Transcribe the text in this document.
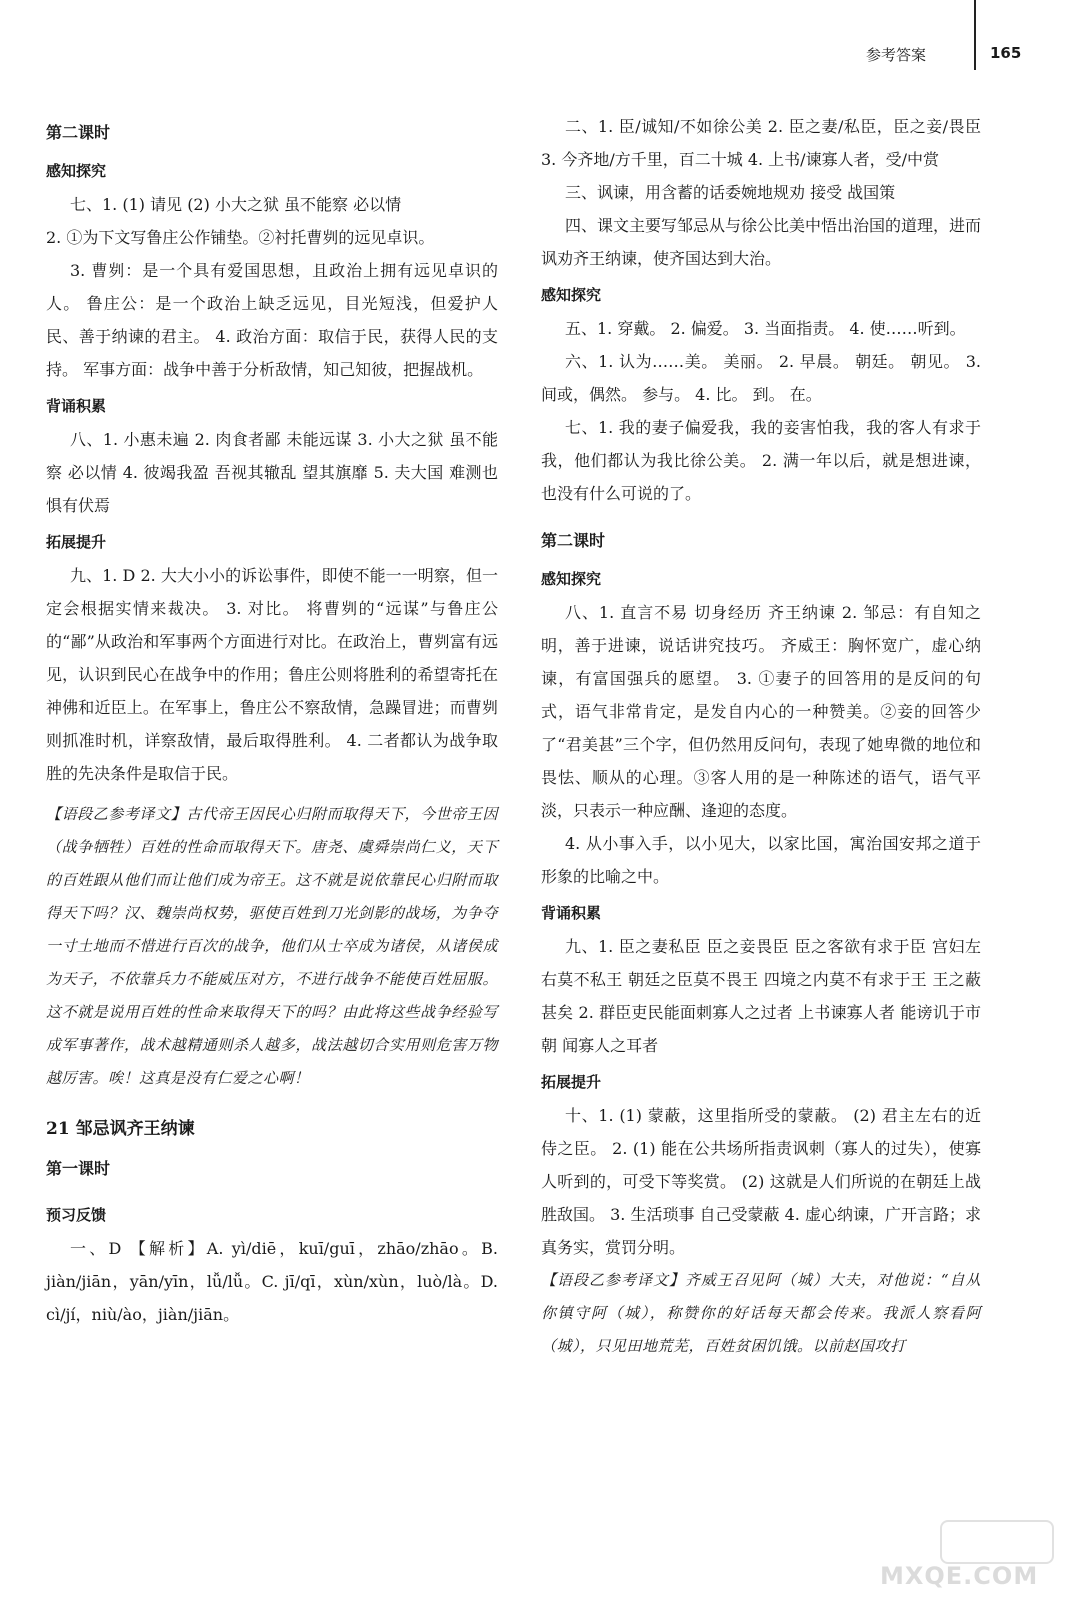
参考答案	165

第二课时

感知探究

七、1. (1) 请见 (2) 小大之狱 虽不能察 必以情

2. ①为下文写鲁庄公作铺垫。②衬托曹刿的远见卓识。

3. 曹刿：是一个具有爱国思想，且政治上拥有远见卓识的人。 鲁庄公：是一个政治上缺乏远见，目光短浅，但爱护人民、善于纳谏的君主。 4. 政治方面：取信于民，获得人民的支持。 军事方面：战争中善于分析敌情，知己知彼，把握战机。

背诵积累

八、1. 小惠未遍 2. 肉食者鄙 未能远谋 3. 小大之狱 虽不能察 必以情 4. 彼竭我盈 吾视其辙乱 望其旗靡 5. 夫大国 难测也 惧有伏焉

拓展提升

九、1. D 2. 大大小小的诉讼事件，即使不能一一明察，但一定会根据实情来裁决。 3. 对比。 将曹刿的“远谋”与鲁庄公的“鄙”从政治和军事两个方面进行对比。在政治上，曹刿富有远见，认识到民心在战争中的作用；鲁庄公则将胜利的希望寄托在神佛和近臣上。在军事上，鲁庄公不察敌情，急躁冒进；而曹刿则抓准时机，详察敌情，最后取得胜利。 4. 二者都认为战争取胜的先决条件是取信于民。

【语段乙参考译文】古代帝王因民心归附而取得天下，今世帝王因（战争牺牲）百姓的性命而取得天下。唐尧、虞舜崇尚仁义，天下的百姓跟从他们而让他们成为帝王。这不就是说依靠民心归附而取得天下吗？汉、魏崇尚权势，驱使百姓到刀光剑影的战场，为争夺一寸土地而不惜进行百次的战争，他们从士卒成为诸侯，从诸侯成为天子，不依靠兵力不能威压对方，不进行战争不能使百姓屈服。这不就是说用百姓的性命来取得天下的吗？由此将这些战争经验写成军事著作，战术越精通则杀人越多，战法越切合实用则危害万物越厉害。唉！这真是没有仁爱之心啊！

21 邹忌讽齐王纳谏

第一课时

预习反馈

一、D 【解析】A. yì/diē，kuī/guī，zhāo/zhāo。B. jiàn/jiān，yān/yīn，lǚ/lǚ。C. jī/qī，xùn/xùn，luò/là。D. cì/jí，niù/ào，jiàn/jiān。

二、1. 臣/诚知/不如徐公美 2. 臣之妻/私臣，臣之妾/畏臣 3. 今齐地/方千里，百二十城 4. 上书/谏寡人者，受/中赏

三、讽谏，用含蓄的话委婉地规劝 接受 战国策

四、课文主要写邹忌从与徐公比美中悟出治国的道理，进而讽劝齐王纳谏，使齐国达到大治。

感知探究

五、1. 穿戴。 2. 偏爱。 3. 当面指责。 4. 使……听到。

六、1. 认为……美。 美丽。 2. 早晨。 朝廷。 朝见。 3. 间或，偶然。 参与。 4. 比。 到。 在。

七、1. 我的妻子偏爱我，我的妾害怕我，我的客人有求于我，他们都认为我比徐公美。 2. 满一年以后，就是想进谏，也没有什么可说的了。

第二课时

感知探究

八、1. 直言不易 切身经历 齐王纳谏 2. 邹忌：有自知之明，善于进谏，说话讲究技巧。 齐威王：胸怀宽广，虚心纳谏，有富国强兵的愿望。 3. ①妻子的回答用的是反问的句式，语气非常肯定，是发自内心的一种赞美。②妾的回答少了“君美甚”三个字，但仍然用反问句，表现了她卑微的地位和畏怯、顺从的心理。③客人用的是一种陈述的语气，语气平淡，只表示一种应酬、逢迎的态度。

4. 从小事入手，以小见大，以家比国，寓治国安邦之道于形象的比喻之中。

背诵积累

九、1. 臣之妻私臣 臣之妾畏臣 臣之客欲有求于臣 宫妇左右莫不私王 朝廷之臣莫不畏王 四境之内莫不有求于王 王之蔽甚矣 2. 群臣吏民能面刺寡人之过者 上书谏寡人者 能谤讥于市朝 闻寡人之耳者

拓展提升

十、1. (1) 蒙蔽，这里指所受的蒙蔽。 (2) 君主左右的近侍之臣。 2. (1) 能在公共场所指责讽刺（寡人的过失），使寡人听到的，可受下等奖赏。 (2) 这就是人们所说的在朝廷上战胜敌国。 3. 生活琐事 自己受蒙蔽 4. 虚心纳谏，广开言路；求真务实，赏罚分明。

【语段乙参考译文】齐威王召见阿（城）大夫，对他说：“自从你镇守阿（城），称赞你的好话每天都会传来。我派人察看阿（城），只见田地荒芜，百姓贫困饥饿。以前赵国攻打

MXQE.COM
